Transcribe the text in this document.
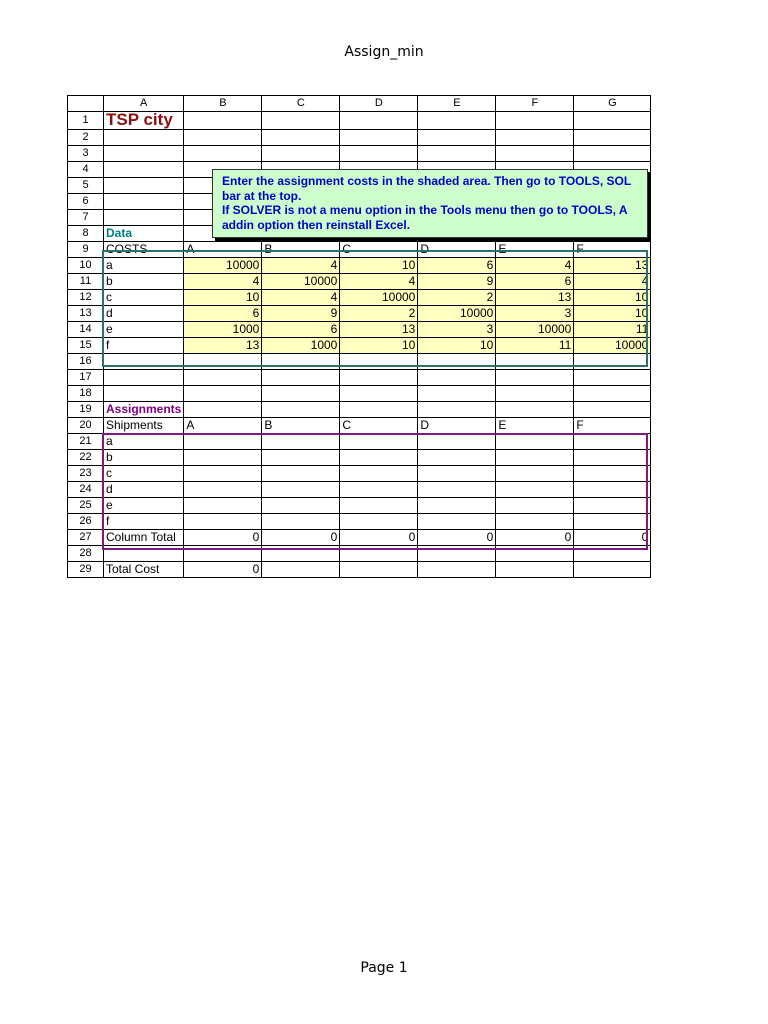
Assign_min
	A	B	C	D	E	F	G
1	TSP city						
2							
3							
4							
5							
6							
7							
8	Data						
9	COSTS	A	B	C	D	E	F
10	a	10000	4	10	6	4	13
11	b	4	10000	4	9	6	4
12	c	10	4	10000	2	13	10
13	d	6	9	2	10000	3	10
14	e	1000	6	13	3	10000	11
15	f	13	1000	10	10	11	10000
16							
17							
18							
19	Assignments						
20	Shipments	A	B	C	D	E	F
21	a						
22	b						
23	c						
24	d						
25	e						
26	f						
27	Column Total	0	0	0	0	0	0
28							
29	Total Cost	0					
Enter the assignment costs in the shaded area. Then go to TOOLS, SOL
bar at the top.
If SOLVER is not a menu option in the Tools menu then go to TOOLS, A
addin option then reinstall Excel.
Page 1
